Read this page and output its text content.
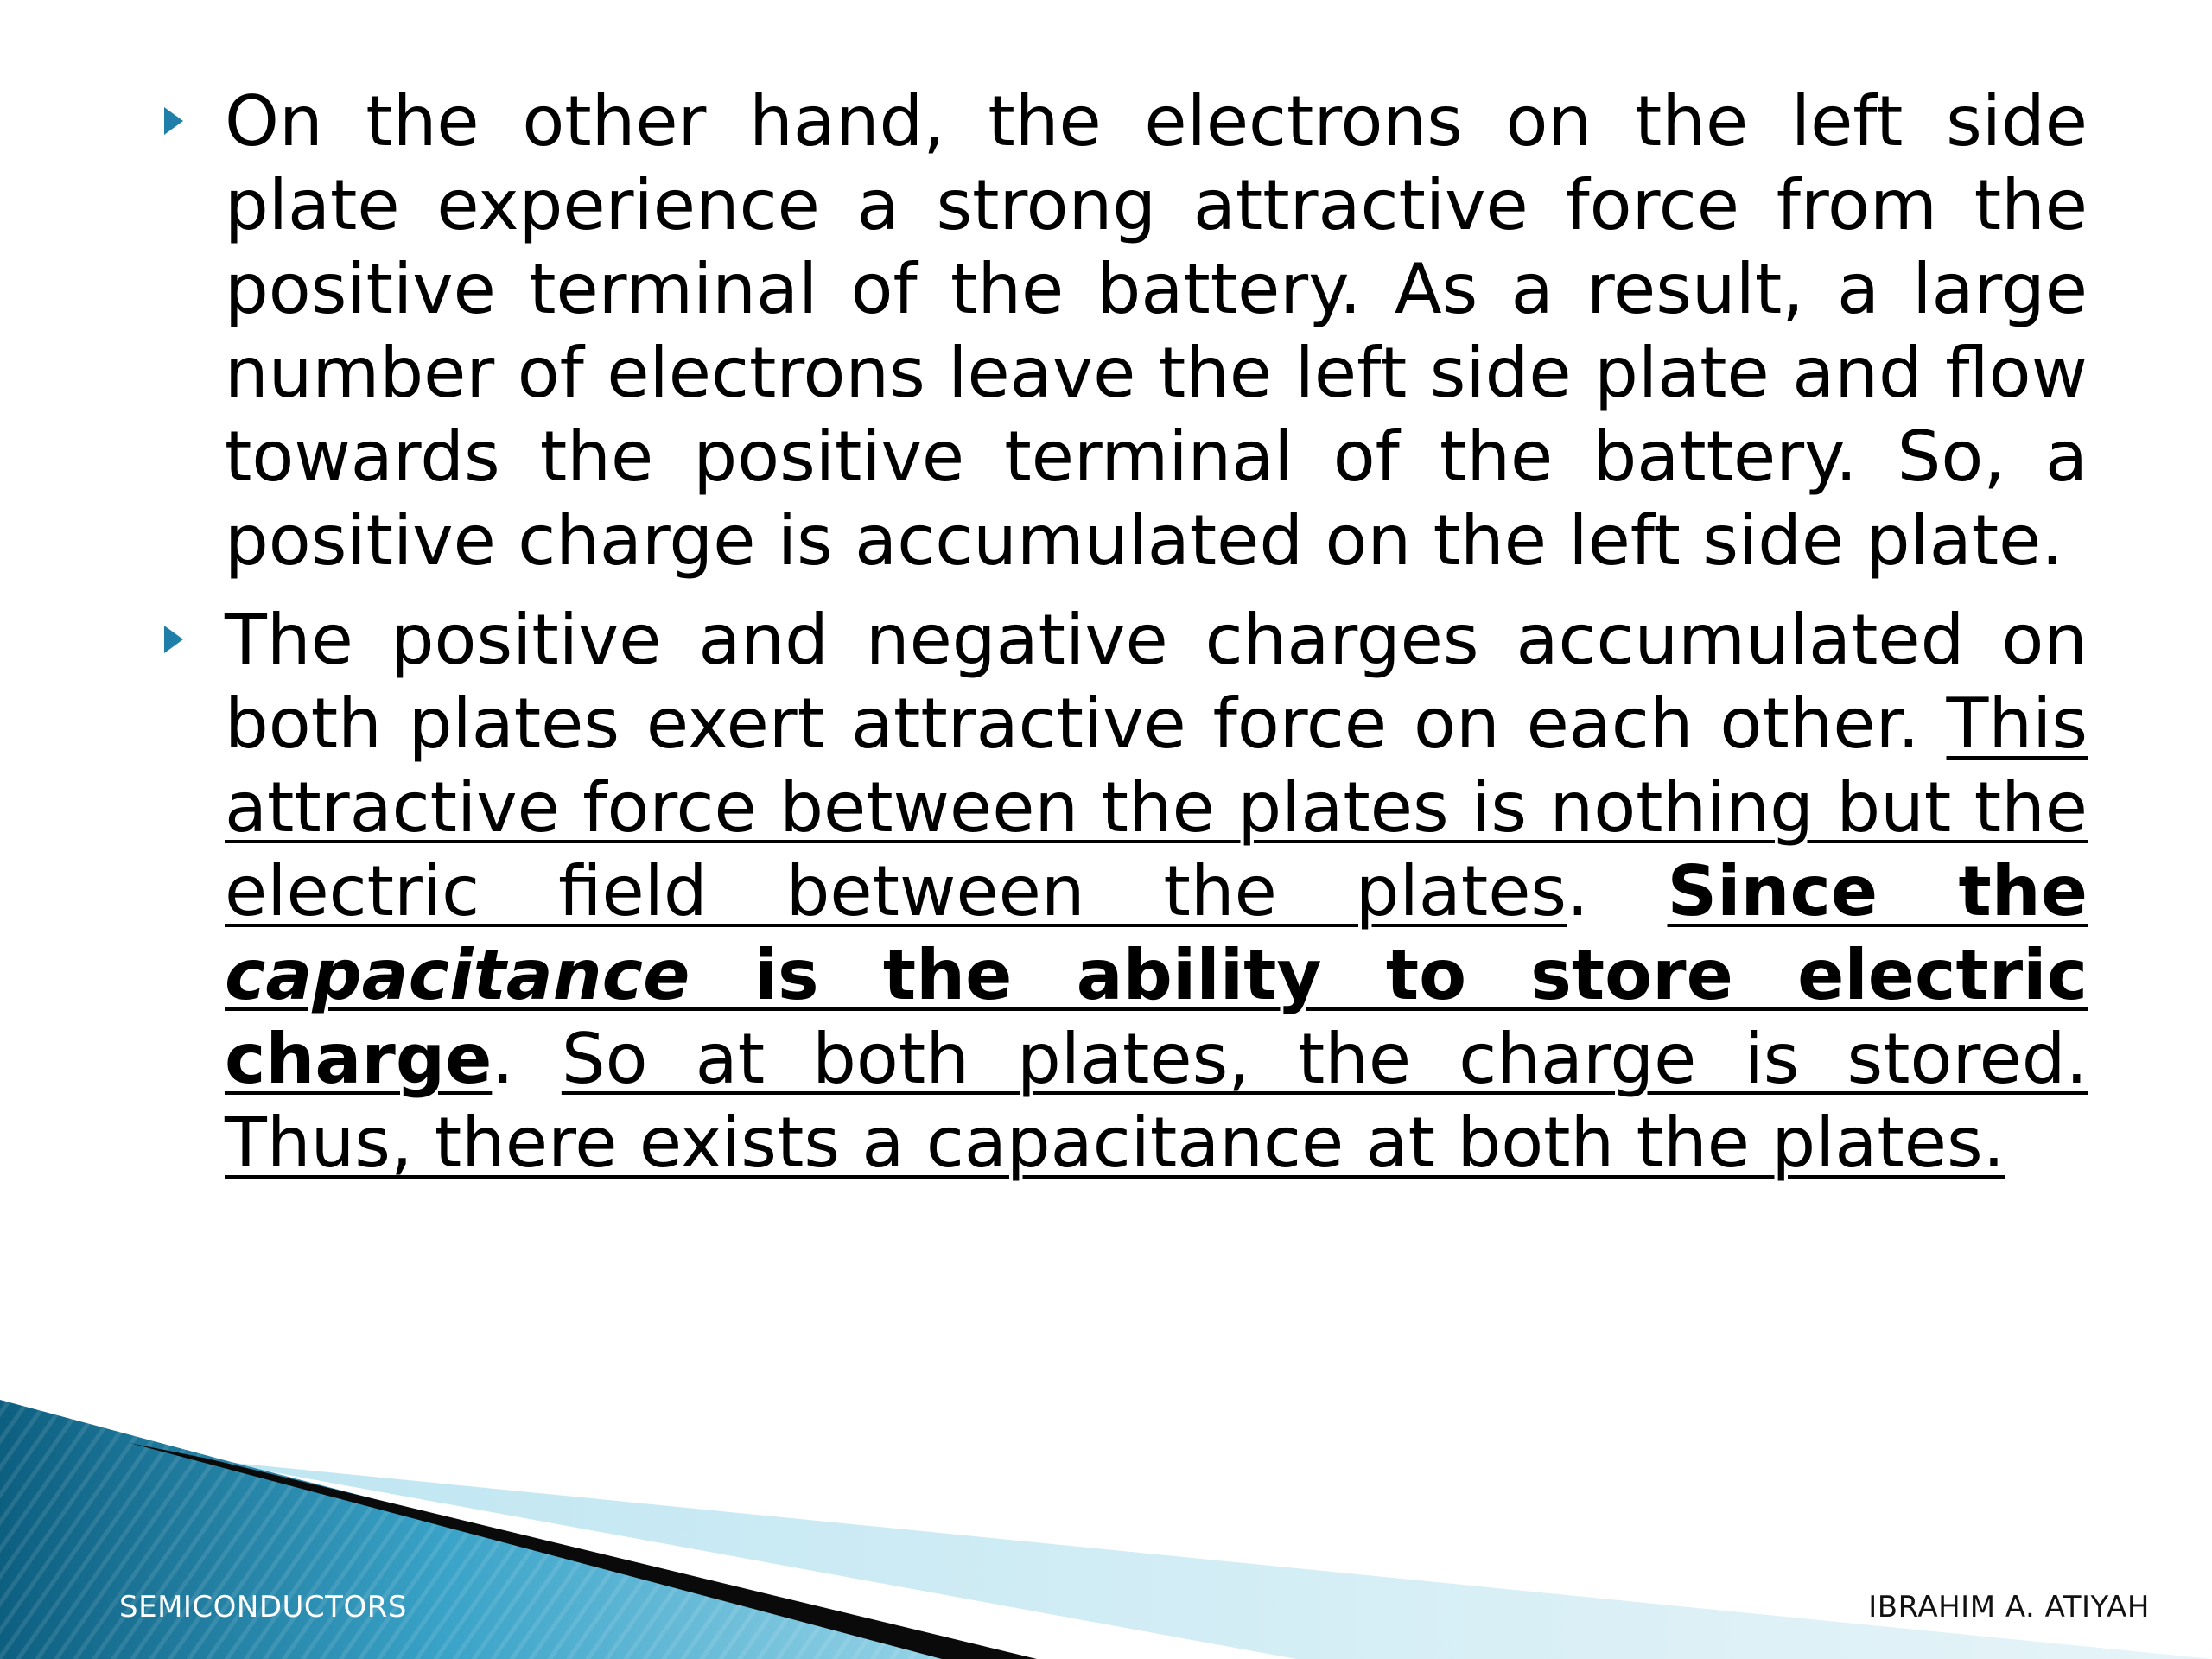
On the other hand, the electrons on the left side plate experience a strong attractive force from the positive terminal of the battery. As a result, a large number of electrons leave the left side plate and flow towards the positive terminal of the battery. So, a positive charge is accumulated on the left side plate.

The positive and negative charges accumulated on both plates exert attractive force on each other. This attractive force between the plates is nothing but the electric field between the plates. Since the capacitance is the ability to store electric charge. So at both plates, the charge is stored. Thus, there exists a capacitance at both the plates.

SEMICONDUCTORS	IBRAHIM A. ATIYAH
